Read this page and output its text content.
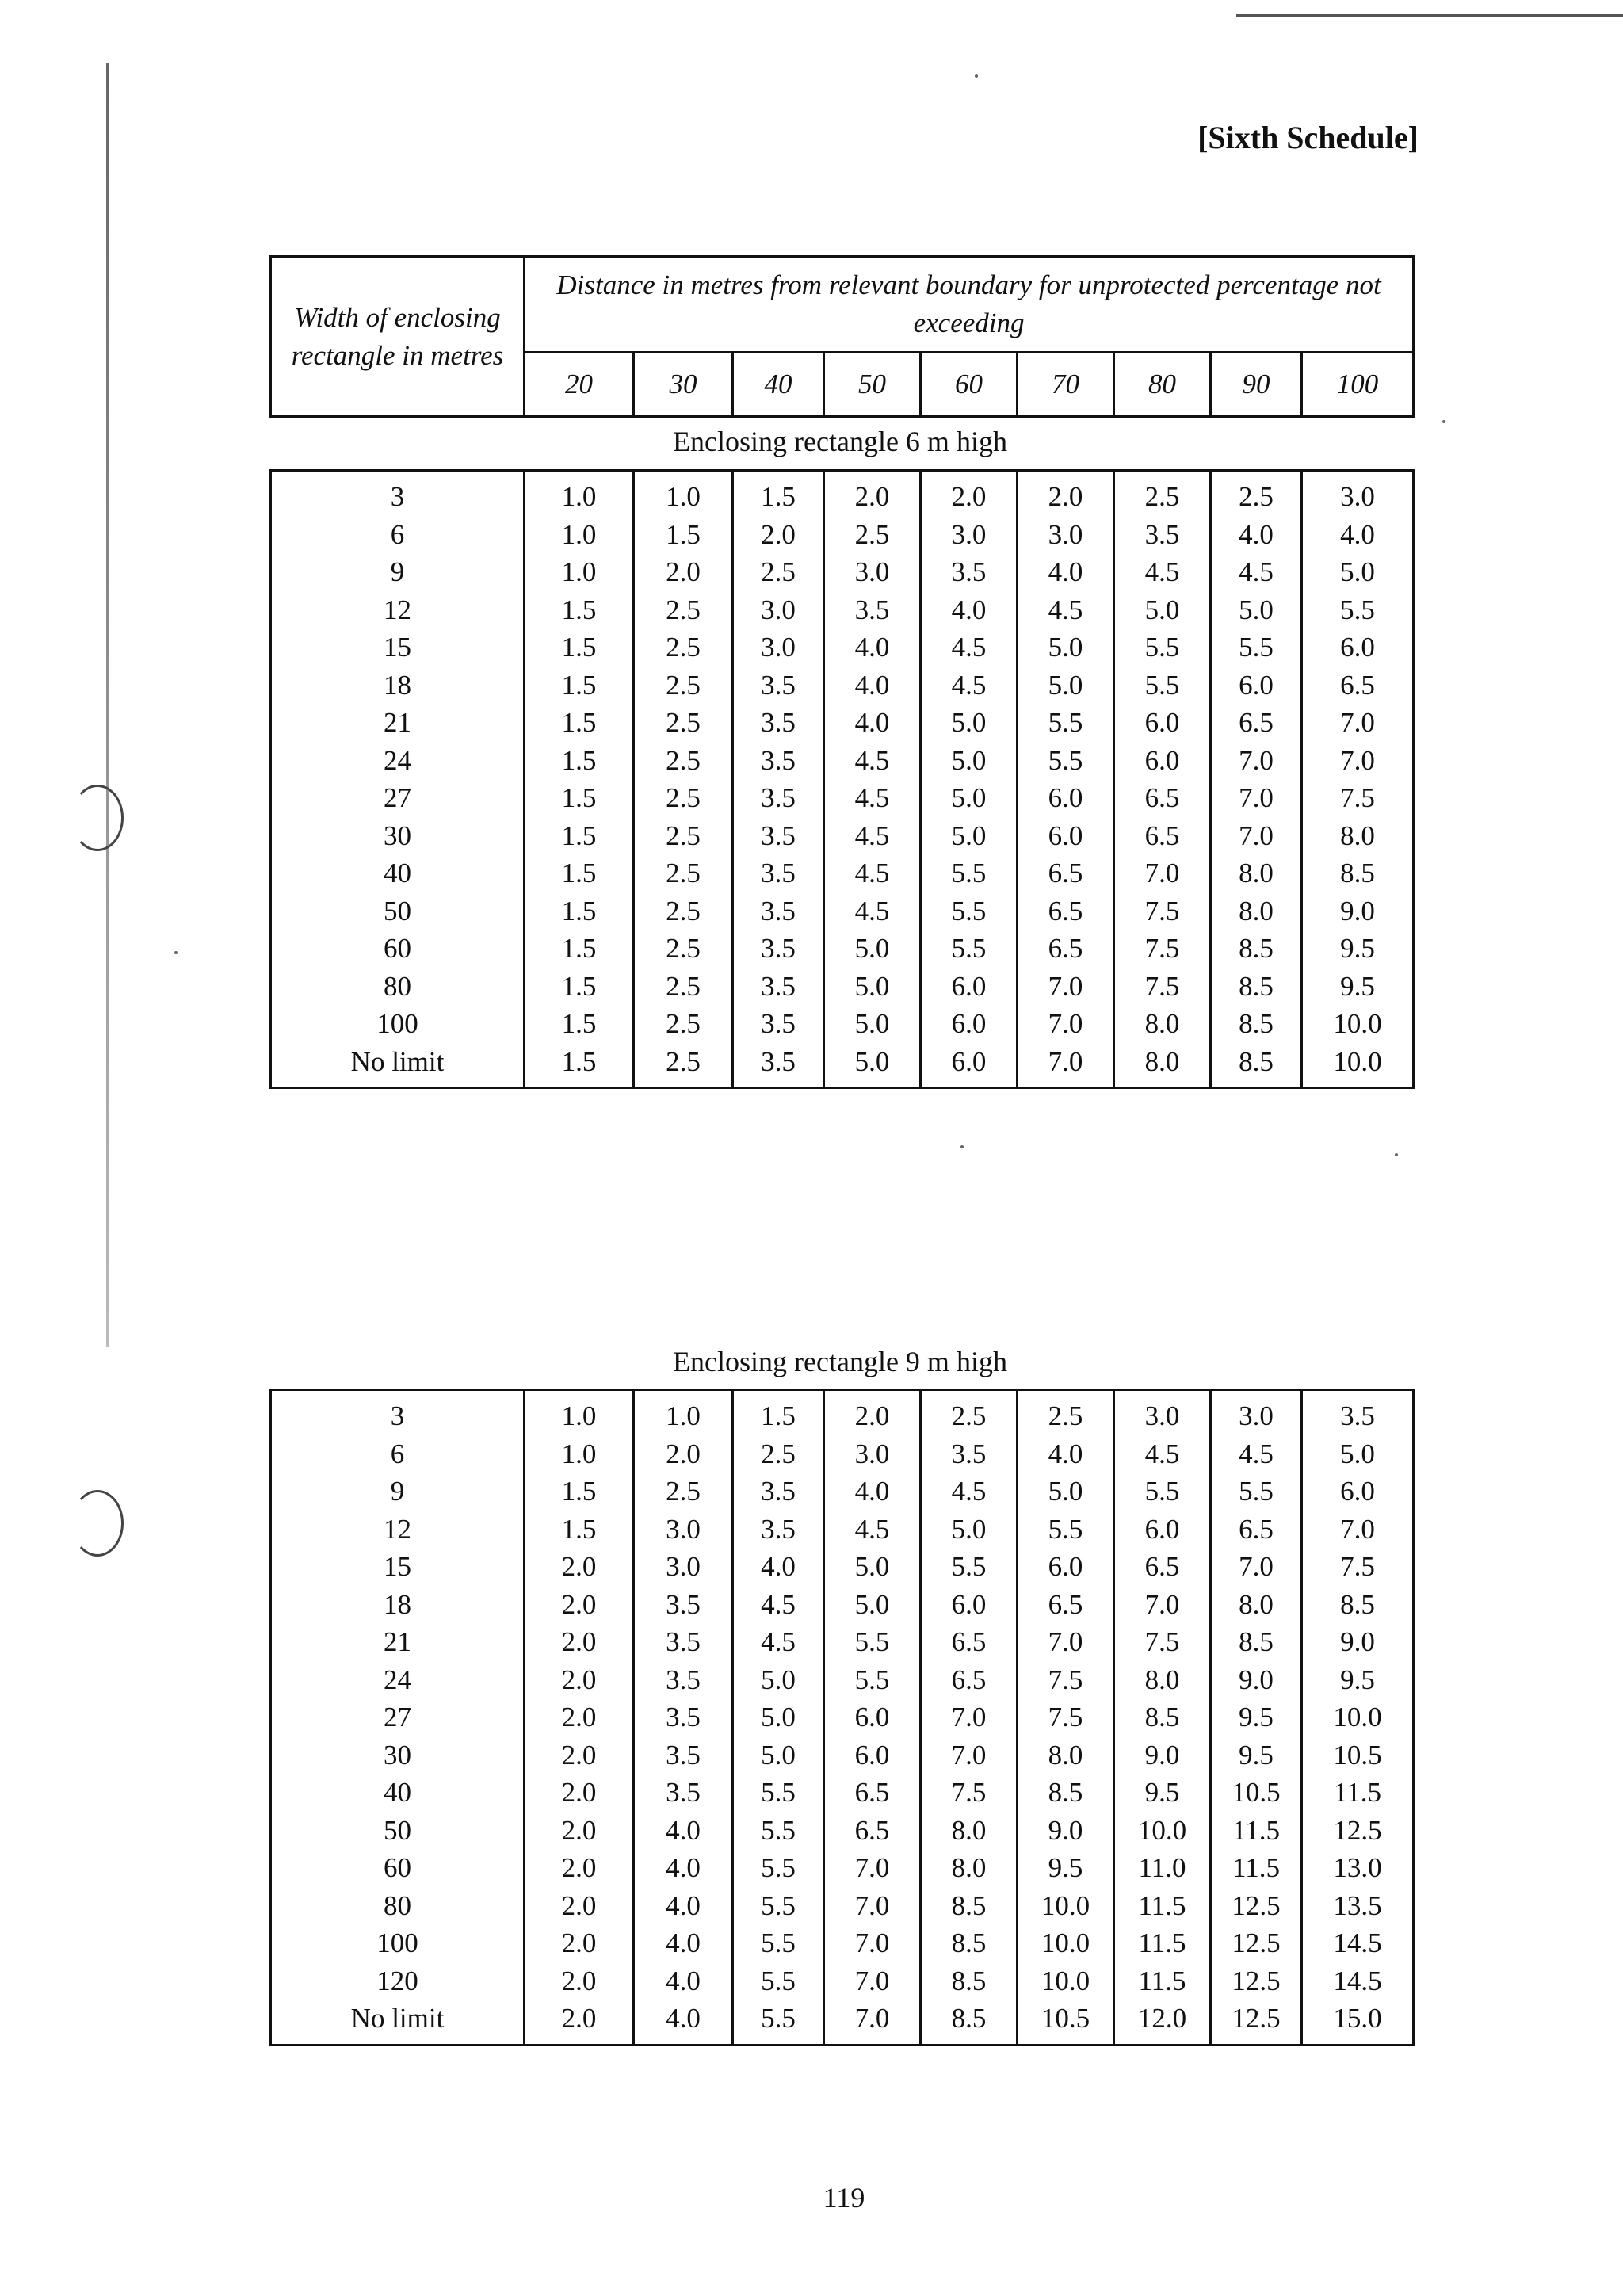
[Sixth Schedule]
Width of enclosing rectangle in metres	Distance in metres from relevant boundary for unprotected percentage not exceeding								
	20	30	40	50	60	70	80	90	100
Enclosing rectangle 6 m high
3	1.0	1.0	1.5	2.0	2.0	2.0	2.5	2.5	3.0
6	1.0	1.5	2.0	2.5	3.0	3.0	3.5	4.0	4.0
9	1.0	2.0	2.5	3.0	3.5	4.0	4.5	4.5	5.0
12	1.5	2.5	3.0	3.5	4.0	4.5	5.0	5.0	5.5
15	1.5	2.5	3.0	4.0	4.5	5.0	5.5	5.5	6.0
18	1.5	2.5	3.5	4.0	4.5	5.0	5.5	6.0	6.5
21	1.5	2.5	3.5	4.0	5.0	5.5	6.0	6.5	7.0
24	1.5	2.5	3.5	4.5	5.0	5.5	6.0	7.0	7.0
27	1.5	2.5	3.5	4.5	5.0	6.0	6.5	7.0	7.5
30	1.5	2.5	3.5	4.5	5.0	6.0	6.5	7.0	8.0
40	1.5	2.5	3.5	4.5	5.5	6.5	7.0	8.0	8.5
50	1.5	2.5	3.5	4.5	5.5	6.5	7.5	8.0	9.0
60	1.5	2.5	3.5	5.0	5.5	6.5	7.5	8.5	9.5
80	1.5	2.5	3.5	5.0	6.0	7.0	7.5	8.5	9.5
100	1.5	2.5	3.5	5.0	6.0	7.0	8.0	8.5	10.0
No limit	1.5	2.5	3.5	5.0	6.0	7.0	8.0	8.5	10.0
Enclosing rectangle 9 m high
3	1.0	1.0	1.5	2.0	2.5	2.5	3.0	3.0	3.5
6	1.0	2.0	2.5	3.0	3.5	4.0	4.5	4.5	5.0
9	1.5	2.5	3.5	4.0	4.5	5.0	5.5	5.5	6.0
12	1.5	3.0	3.5	4.5	5.0	5.5	6.0	6.5	7.0
15	2.0	3.0	4.0	5.0	5.5	6.0	6.5	7.0	7.5
18	2.0	3.5	4.5	5.0	6.0	6.5	7.0	8.0	8.5
21	2.0	3.5	4.5	5.5	6.5	7.0	7.5	8.5	9.0
24	2.0	3.5	5.0	5.5	6.5	7.5	8.0	9.0	9.5
27	2.0	3.5	5.0	6.0	7.0	7.5	8.5	9.5	10.0
30	2.0	3.5	5.0	6.0	7.0	8.0	9.0	9.5	10.5
40	2.0	3.5	5.5	6.5	7.5	8.5	9.5	10.5	11.5
50	2.0	4.0	5.5	6.5	8.0	9.0	10.0	11.5	12.5
60	2.0	4.0	5.5	7.0	8.0	9.5	11.0	11.5	13.0
80	2.0	4.0	5.5	7.0	8.5	10.0	11.5	12.5	13.5
100	2.0	4.0	5.5	7.0	8.5	10.0	11.5	12.5	14.5
120	2.0	4.0	5.5	7.0	8.5	10.0	11.5	12.5	14.5
No limit	2.0	4.0	5.5	7.0	8.5	10.5	12.0	12.5	15.0
119
